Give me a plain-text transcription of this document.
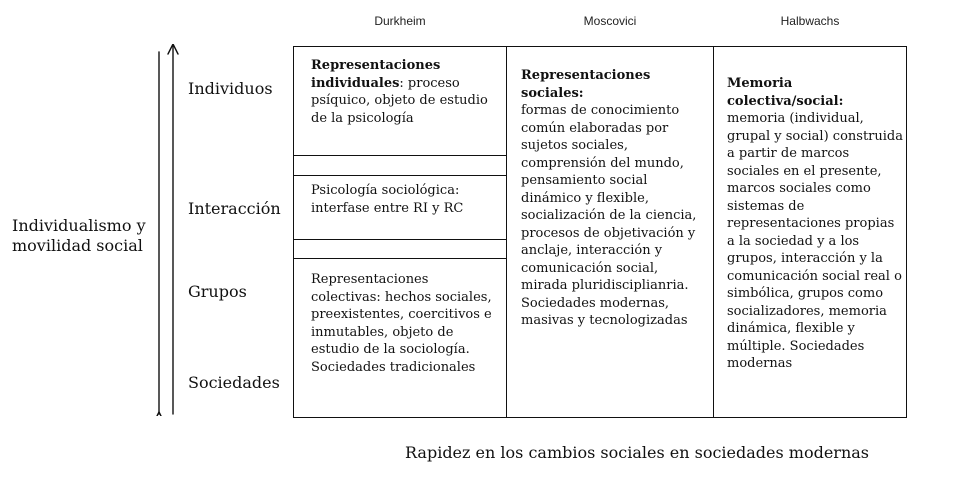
Durkheim	Moscovici	Halbwachs
Individualismo y
movilidad social
Individuos
Interacción
Grupos
Sociedades
Representaciones individuales: proceso psíquico, objeto de estudio de la psicología
Psicología sociológica: interfase entre RI y RC
Representaciones colectivas: hechos sociales, preexistentes, coercitivos e inmutables, objeto de estudio de la sociología. Sociedades tradicionales
Representaciones sociales:
formas de conocimiento común elaboradas por sujetos sociales, comprensión del mundo, pensamiento social dinámico y flexible, socialización de la ciencia, procesos de objetivación y anclaje, interacción y comunicación social, mirada pluridisciplianria. Sociedades modernas, masivas y tecnologizadas
Memoria colectiva/social:
memoria (individual, grupal y social) construida a partir de marcos sociales en el presente, marcos sociales como sistemas de representaciones propias a la sociedad y a los grupos, interacción y la comunicación social real o simbólica, grupos como socializadores, memoria dinámica, flexible y múltiple. Sociedades modernas
Rapidez en los cambios sociales en sociedades modernas
